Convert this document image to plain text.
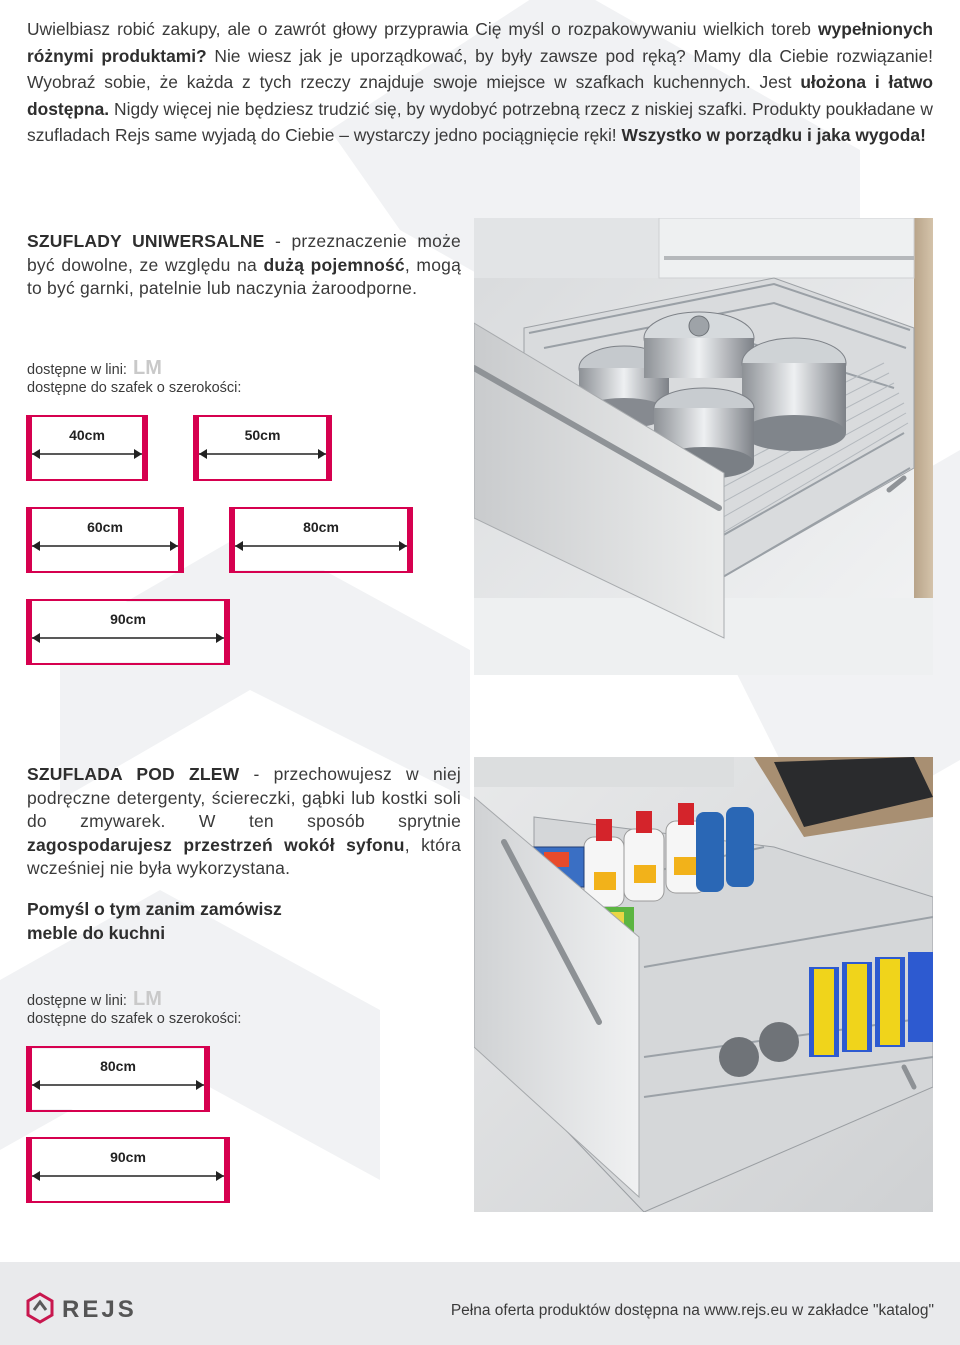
Uwielbiasz robić zakupy, ale o zawrót głowy przyprawia Cię myśl o rozpakowywaniu wielkich toreb wypełnionych różnymi produktami? Nie wiesz jak je uporządkować, by były zawsze pod ręką? Mamy dla Ciebie rozwiązanie! Wyobraź sobie, że każda z tych rzeczy znajduje swoje miejsce w szafkach kuchennych. Jest ułożona i łatwo dostępna. Nigdy więcej nie będziesz trudzić się, by wydobyć potrzebną rzecz z niskiej szafki. Produkty poukładane w szufladach Rejs same wyjadą do Ciebie – wystarczy jedno pociągnięcie ręki! Wszystko w porządku i jaka wygoda!
SZUFLADY UNIWERSALNE - przeznaczenie może być dowolne, ze względu na dużą pojemność, mogą to być garnki, patelnie lub naczynia żaroodporne.
dostępne w lini: LM
dostępne do szafek o szerokości:
40cm	50cm
60cm	80cm
90cm
SZUFLADA POD ZLEW - przechowujesz w niej podręczne detergenty, ściereczki, gąbki lub kostki soli do zmywarek. W ten sposób sprytnie zagospodarujesz przestrzeń wokół syfonu, która wcześniej nie była wykorzystana.
Pomyśl o tym zanim zamówisz meble do kuchni
dostępne w lini: LM
dostępne do szafek o szerokości:
80cm
90cm
REJS	Pełna oferta produktów dostępna na www.rejs.eu w zakładce "katalog"
